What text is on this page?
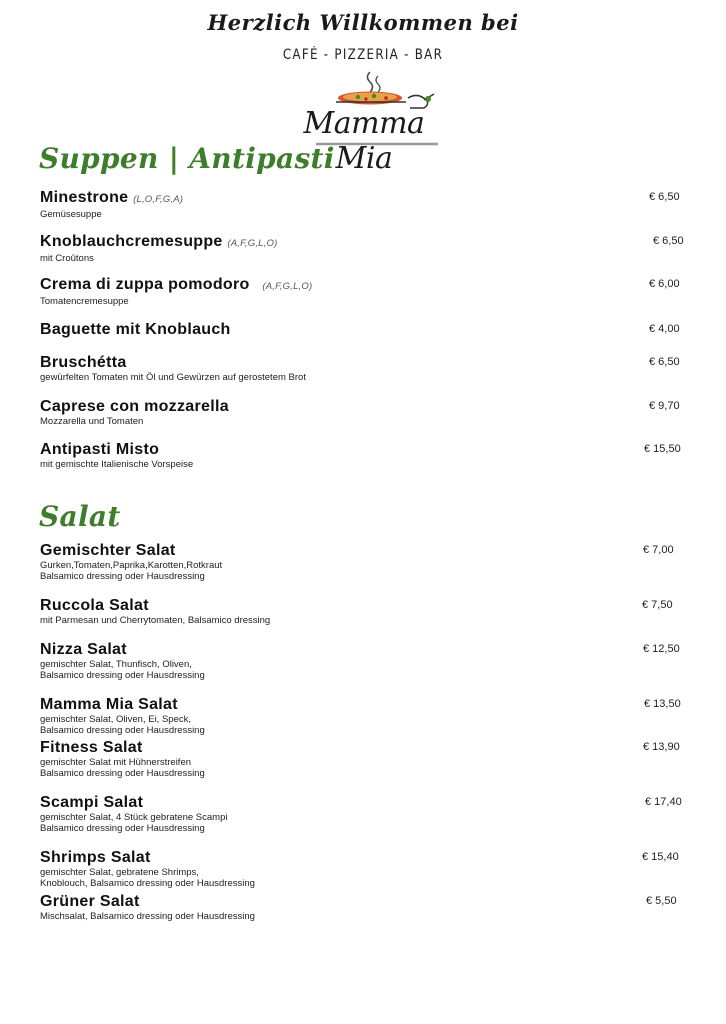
Herzlich Willkommen bei
CAFÉ - PIZZERIA - BAR
Mamma Mia
Suppen | Antipasti
Minestrone (L,O,F,G,A)
Gemüsesuppe
€ 6,50
Knoblauchcremesuppe (A,F,G,L,O)
mit Croûtons
€ 6,50
Crema di zuppa pomodoro (A,F,G,L,O)
Tomatencremesuppe
€ 6,00
Baguette mit Knoblauch	€ 4,00
Bruschétta
gewürfelten Tomaten mit Öl und Gewürzen auf gerostetem Brot
€ 6,50
Caprese con mozzarella
Mozzarella und Tomaten
€ 9,70
Antipasti Misto
mit gemischte Italienische Vorspeise
€ 15,50
Salat
Gemischter Salat
Gurken,Tomaten,Paprika,Karotten,Rotkraut
Balsamico dressing oder Hausdressing
€ 7,00
Ruccola Salat
mit Parmesan und Cherrytomaten, Balsamico dressing
€ 7,50
Nizza Salat
gemischter Salat, Thunfisch, Oliven,
Balsamico dressing oder Hausdressing
€ 12,50
Mamma Mia Salat
gemischter Salat, Oliven, Ei, Speck,
Balsamico dressing oder Hausdressing
€ 13,50
Fitness Salat
gemischter Salat mit Hühnerstreifen
Balsamico dressing oder Hausdressing
€ 13,90
Scampi Salat
gemischter Salat, 4 Stück gebratene Scampi
Balsamico dressing oder Hausdressing
€ 17,40
Shrimps Salat
gemischter Salat, gebratene Shrimps,
Knoblouch, Balsamico dressing oder Hausdressing
€ 15,40
Grüner Salat
Mischsalat, Balsamico dressing oder Hausdressing
€ 5,50
